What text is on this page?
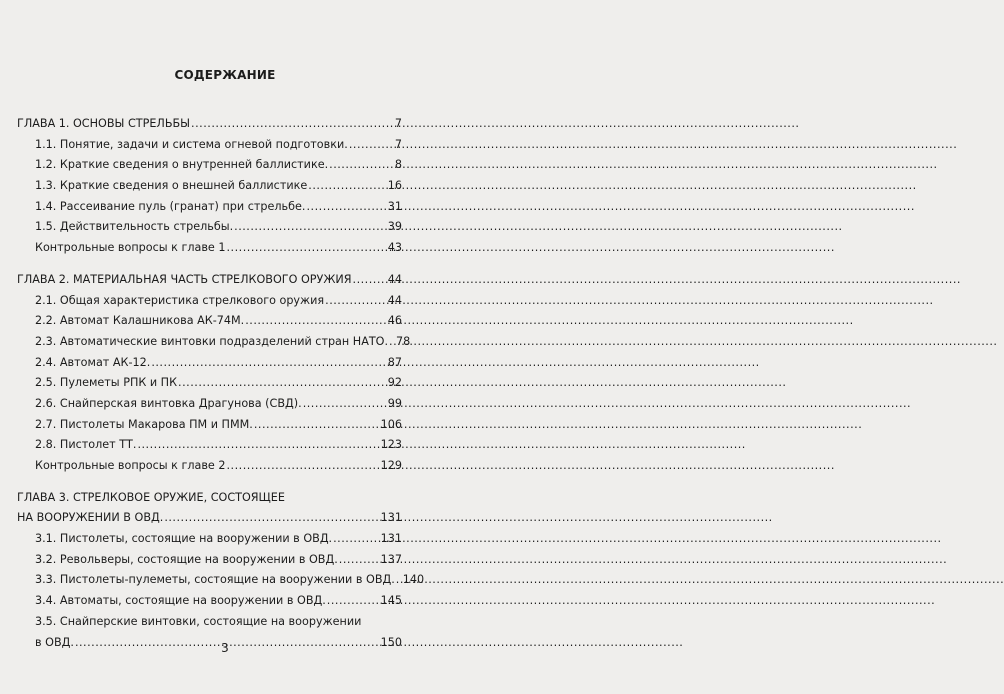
СОДЕРЖАНИЕ
ГЛАВА 1. ОСНОВЫ СТРЕЛЬБЫ .....	7
1.1. Понятие, задачи и система огневой подготовки. .....	7
1.2. Краткие сведения о внутренней баллистике. .....	8
1.3. Краткие сведения о внешней баллистике .....	16
1.4. Рассеивание пуль (гранат) при стрельбе. .....	31
1.5. Действительность стрельбы. .....	39
Контрольные вопросы к главе 1 .....	43
ГЛАВА 2. МАТЕРИАЛЬНАЯ ЧАСТЬ СТРЕЛКОВОГО ОРУЖИЯ .....	44
2.1. Общая характеристика стрелкового оружия .....	44
2.2. Автомат Калашникова АК-74М. .....	46
2.3. Автоматические винтовки подразделений стран НАТО. ..... 78
2.4. Автомат АК-12. .....	87
2.5. Пулеметы РПК и ПК .....	92
2.6. Снайперская винтовка Драгунова (СВД). .....	99
2.7. Пистолеты Макарова ПМ и ПММ. .....	106
2.8. Пистолет ТТ. .....	123
Контрольные вопросы к главе 2 .....	129
ГЛАВА 3. СТРЕЛКОВОЕ ОРУЖИЕ, СОСТОЯЩЕЕ
НА ВООРУЖЕНИИ В ОВД. .....	131
3.1. Пистолеты, состоящие на вооружении в ОВД. .....	131
3.2. Револьверы, состоящие на вооружении в ОВД. .....	137
3.3. Пистолеты-пулеметы, состоящие на вооружении в ОВД. ..... 140
3.4. Автоматы, состоящие на вооружении в ОВД. .....	145
3.5. Снайперские винтовки, состоящие на вооружении
в ОВД. .....	150
3
